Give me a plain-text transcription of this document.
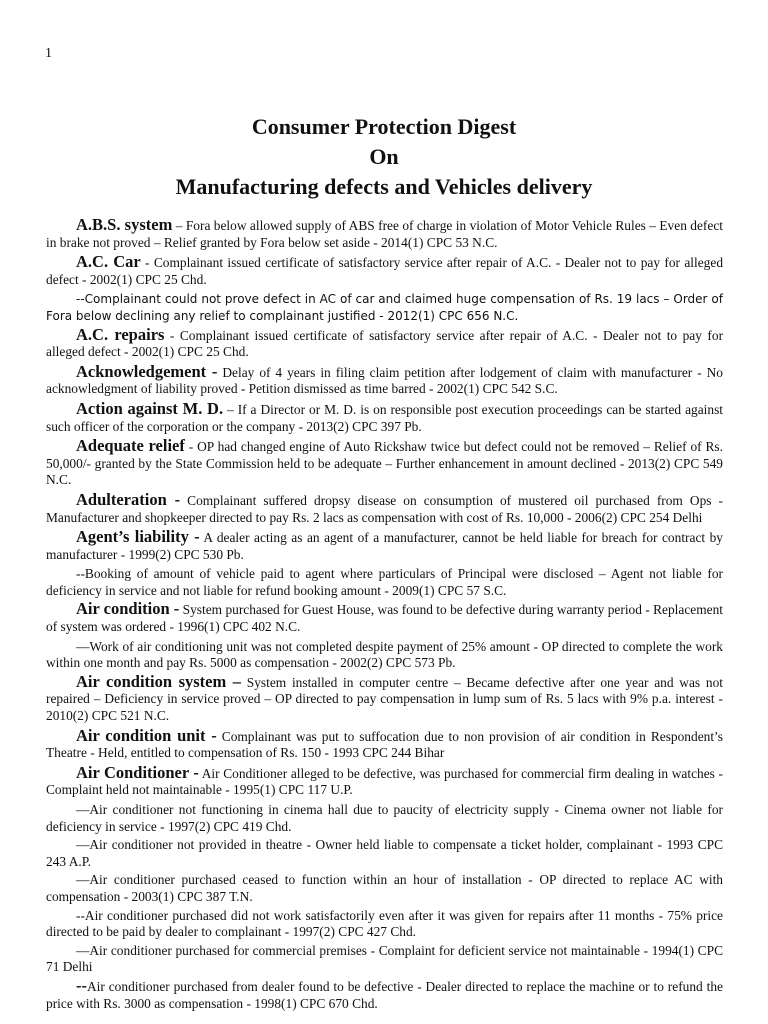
1
Consumer Protection Digest
On
Manufacturing defects and Vehicles delivery

A.B.S. system – Fora below allowed supply of ABS free of charge in violation of Motor Vehicle Rules – Even defect in brake not proved – Relief granted by Fora below set aside - 2014(1) CPC 53 N.C.

A.C. Car - Complainant issued certificate of satisfactory service after repair of A.C. - Dealer not to pay for alleged defect - 2002(1) CPC 25 Chd.

--Complainant could not prove defect in AC of car and claimed huge compensation of Rs. 19 lacs – Order of Fora below declining any relief to complainant justified - 2012(1) CPC 656 N.C.

A.C. repairs - Complainant issued certificate of satisfactory service after repair of A.C. - Dealer not to pay for alleged defect - 2002(1) CPC 25 Chd.

Acknowledgement - Delay of 4 years in filing claim petition after lodgement of claim with manufacturer - No acknowledgment of liability proved - Petition dismissed as time barred - 2002(1) CPC 542 S.C.

Action against M. D. – If a Director or M. D. is on responsible post execution proceedings can be started against such officer of the corporation or the company - 2013(2) CPC 397 Pb.

Adequate relief - OP had changed engine of Auto Rickshaw twice but defect could not be removed – Relief of Rs. 50,000/- granted by the State Commission held to be adequate – Further enhancement in amount declined - 2013(2) CPC 549 N.C.

Adulteration - Complainant suffered dropsy disease on consumption of mustered oil purchased from Ops - Manufacturer and shopkeeper directed to pay Rs. 2 lacs as compensation with cost of Rs. 10,000 - 2006(2) CPC 254 Delhi

Agent’s liability - A dealer acting as an agent of a manufacturer, cannot be held liable for breach for contract by manufacturer - 1999(2) CPC 530 Pb.

--Booking of amount of vehicle paid to agent where particulars of Principal were disclosed – Agent not liable for deficiency in service and not liable for refund booking amount - 2009(1) CPC 57 S.C.

Air condition - System purchased for Guest House, was found to be defective during warranty period - Replacement of system was ordered - 1996(1) CPC 402 N.C.

—Work of air conditioning unit was not completed despite payment of 25% amount - OP directed to complete the work within one month and pay Rs. 5000 as compensation - 2002(2) CPC 573 Pb.

Air condition system – System installed in computer centre – Became defective after one year and was not repaired – Deficiency in service proved – OP directed to pay compensation in lump sum of Rs. 5 lacs with 9% p.a. interest - 2010(2) CPC 521 N.C.

Air condition unit - Complainant was put to suffocation due to non provision of air condition in Respondent’s Theatre - Held, entitled to compensation of Rs. 150 - 1993 CPC 244 Bihar

Air Conditioner - Air Conditioner alleged to be defective, was purchased for commercial firm dealing in watches - Complaint held not maintainable - 1995(1) CPC 117 U.P.

—Air conditioner not functioning in cinema hall due to paucity of electricity supply - Cinema owner not liable for deficiency in service - 1997(2) CPC 419 Chd.

—Air conditioner not provided in theatre - Owner held liable to compensate a ticket holder, complainant - 1993 CPC 243 A.P.

—Air conditioner purchased ceased to function within an hour of installation - OP directed to replace AC with compensation - 2003(1) CPC 387 T.N.

--Air conditioner purchased did not work satisfactorily even after it was given for repairs after 11 months - 75% price directed to be paid by dealer to complainant - 1997(2) CPC 427 Chd.

—Air conditioner purchased for commercial premises - Complaint for deficient service not maintainable - 1994(1) CPC 71 Delhi

--Air conditioner purchased from dealer found to be defective - Dealer directed to replace the machine or to refund the price with Rs. 3000 as compensation - 1998(1) CPC 670 Chd.
